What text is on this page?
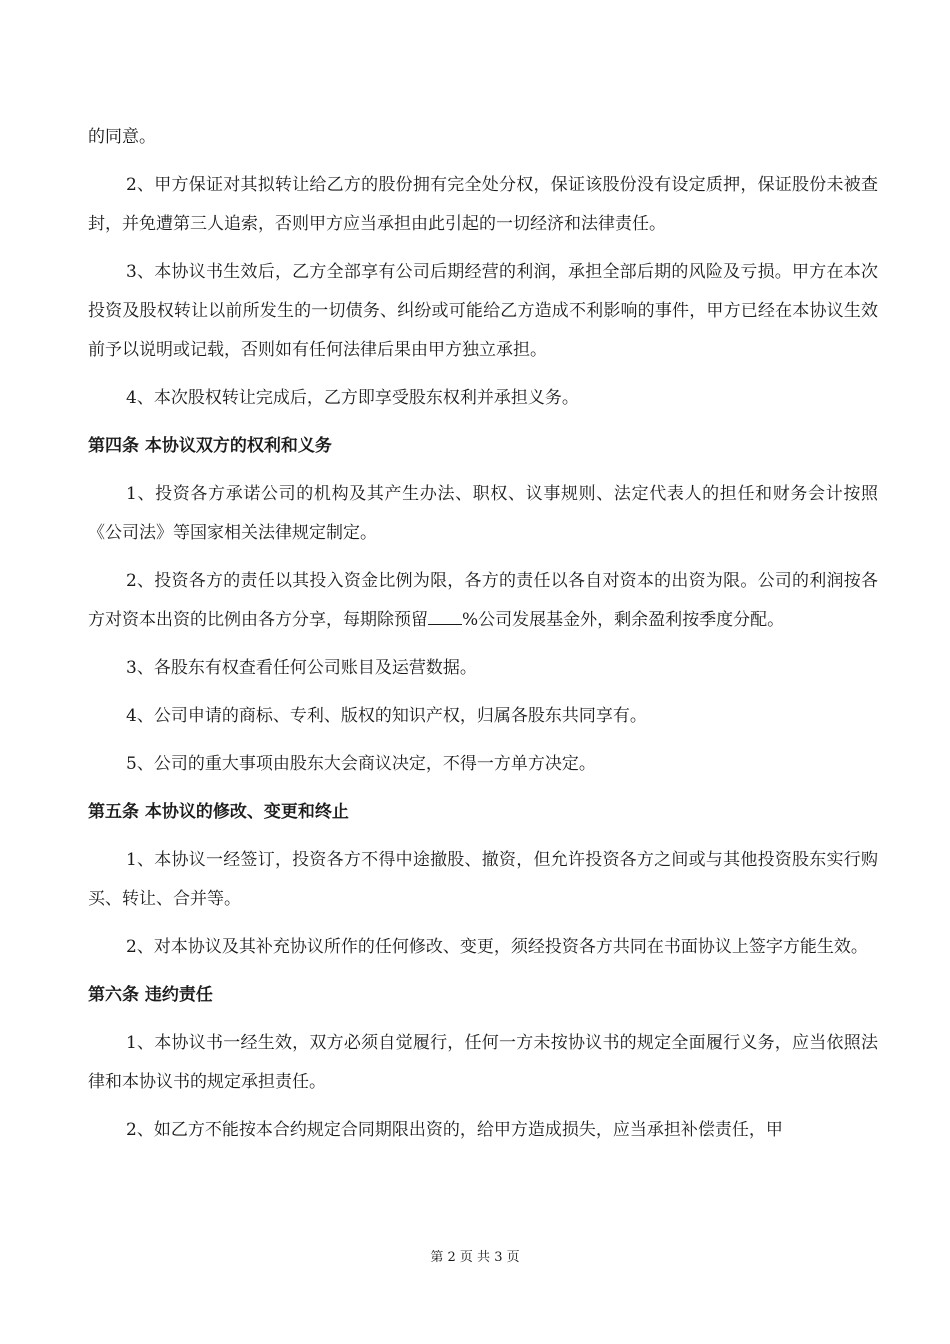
的同意。

2、甲方保证对其拟转让给乙方的股份拥有完全处分权，保证该股份没有设定质押，保证股份未被查封，并免遭第三人追索，否则甲方应当承担由此引起的一切经济和法律责任。

3、本协议书生效后，乙方全部享有公司后期经营的利润，承担全部后期的风险及亏损。甲方在本次投资及股权转让以前所发生的一切债务、纠纷或可能给乙方造成不利影响的事件，甲方已经在本协议生效前予以说明或记载，否则如有任何法律后果由甲方独立承担。

4、本次股权转让完成后，乙方即享受股东权利并承担义务。

第四条 本协议双方的权利和义务

1、投资各方承诺公司的机构及其产生办法、职权、议事规则、法定代表人的担任和财务会计按照《公司法》等国家相关法律规定制定。

2、投资各方的责任以其投入资金比例为限，各方的责任以各自对资本的出资为限。公司的利润按各方对资本出资的比例由各方分享，每期除预留 %公司发展基金外，剩余盈利按季度分配。

3、各股东有权查看任何公司账目及运营数据。

4、公司申请的商标、专利、版权的知识产权，归属各股东共同享有。

5、公司的重大事项由股东大会商议决定，不得一方单方决定。

第五条 本协议的修改、变更和终止

1、本协议一经签订，投资各方不得中途撤股、撤资，但允许投资各方之间或与其他投资股东实行购买、转让、合并等。

2、对本协议及其补充协议所作的任何修改、变更，须经投资各方共同在书面协议上签字方能生效。

第六条 违约责任

1、本协议书一经生效，双方必须自觉履行，任何一方未按协议书的规定全面履行义务，应当依照法律和本协议书的规定承担责任。

2、如乙方不能按本合约规定合同期限出资的，给甲方造成损失，应当承担补偿责任，甲

第 2 页 共 3 页
